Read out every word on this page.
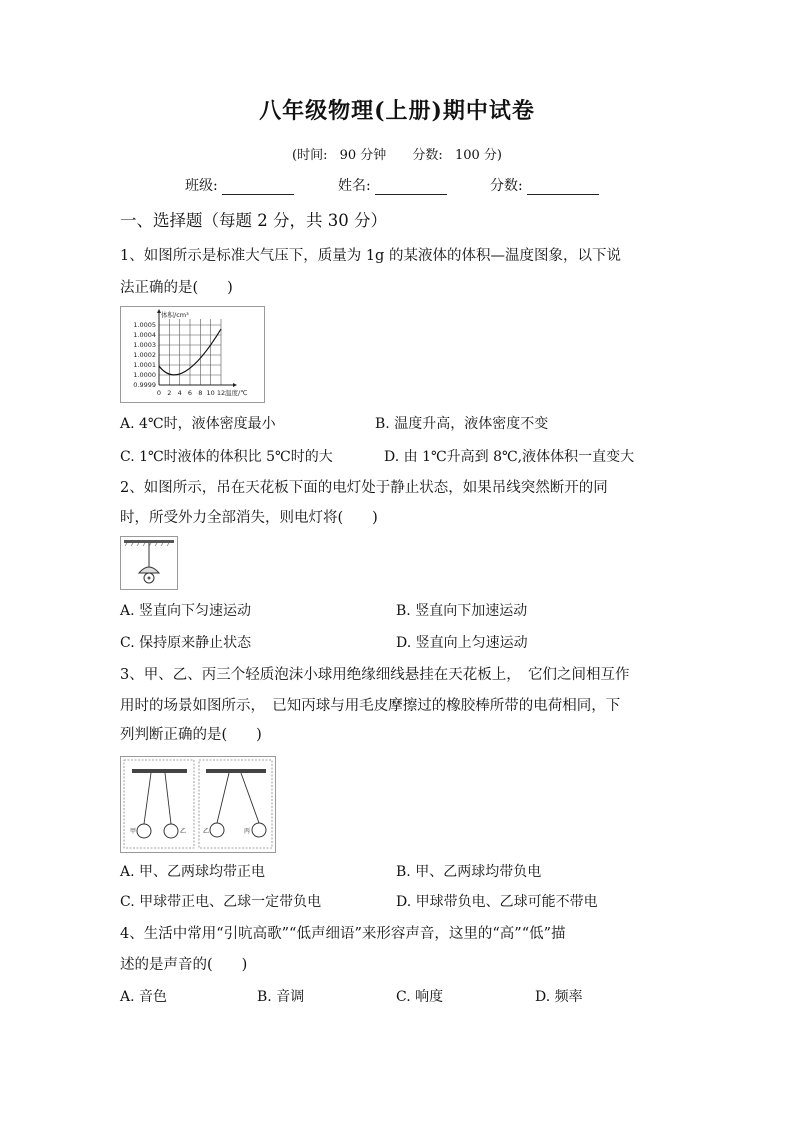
八年级物理(上册)期中试卷
(时间: 90 分钟 分数: 100 分)
班级:	姓名:	分数:
一、选择题（每题 2 分，共 30 分）
1、如图所示是标准大气压下，质量为 1g 的某液体的体积—温度图象，以下说
法正确的是(　　)
1.0005
1.0004
1.0003
1.0002
1.0001
1.0000
0.9999
体积/cm³
0 2 4 6 8 10 12 温度/℃
A. 4℃时，液体密度最小	B. 温度升高，液体密度不变
C. 1℃时液体的体积比 5℃时的大	D. 由 1℃升高到 8℃,液体体积一直变大
2、如图所示，吊在天花板下面的电灯处于静止状态，如果吊线突然断开的同
时，所受外力全部消失，则电灯将(　　)
A. 竖直向下匀速运动	B. 竖直向下加速运动
C. 保持原来静止状态	D. 竖直向上匀速运动
3、甲、乙、丙三个轻质泡沫小球用绝缘细线悬挂在天花板上，　它们之间相互作
用时的场景如图所示，　已知丙球与用毛皮摩擦过的橡胶棒所带的电荷相同，下
列判断正确的是(　　)
甲	乙	乙	丙
A. 甲、乙两球均带正电	B. 甲、乙两球均带负电
C. 甲球带正电、乙球一定带负电	D. 甲球带负电、乙球可能不带电
4、生活中常用“引吭高歌”“低声细语”来形容声音，这里的“高”“低”描
述的是声音的(　　)
A. 音色	B. 音调	C. 响度	D. 频率
